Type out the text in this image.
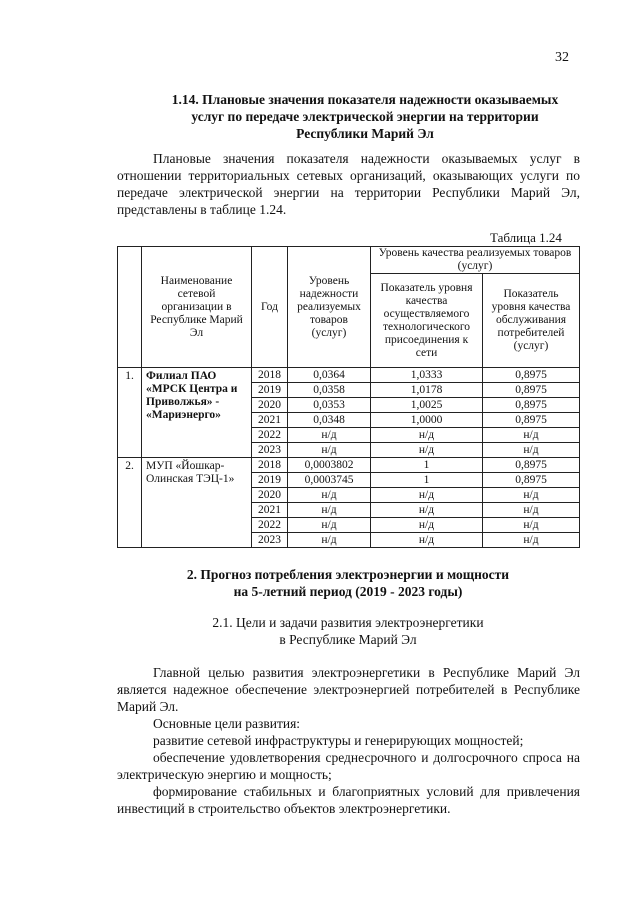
32
1.14. Плановые значения показателя надежности оказываемых
услуг по передаче электрической энергии на территории
Республики Марий Эл
Плановые значения показателя надежности оказываемых услуг в отношении территориальных сетевых организаций, оказывающих услуги по передаче электрической энергии на территории Республики Марий Эл, представлены в таблице 1.24.
Таблица 1.24
	Наименование сетевой организации в Республике Марий Эл	Год	Уровень надежности реализуемых товаров (услуг)	Уровень качества реализуемых товаров (услуг)	
				Показатель уровня качества осуществляемого технологического присоединения к сети	Показатель уровня качества обслуживания потребителей (услуг)
1.	Филиал ПАО «МРСК Центра и Приволжья» - «Мариэнерго»	2018	0,0364	1,0333	0,8975
		2019	0,0358	1,0178	0,8975
		2020	0,0353	1,0025	0,8975
		2021	0,0348	1,0000	0,8975
		2022	н/д	н/д	н/д
		2023	н/д	н/д	н/д
2.	МУП «Йошкар-Олинская ТЭЦ-1»	2018	0,0003802	1	0,8975
		2019	0,0003745	1	0,8975
		2020	н/д	н/д	н/д
		2021	н/д	н/д	н/д
		2022	н/д	н/д	н/д
		2023	н/д	н/д	н/д
2. Прогноз потребления электроэнергии и мощности
на 5-летний период (2019 - 2023 годы)
2.1. Цели и задачи развития электроэнергетики
в Республике Марий Эл
Главной целью развития электроэнергетики в Республике Марий Эл является надежное обеспечение электроэнергией потребителей в Республике Марий Эл.
Основные цели развития:
развитие сетевой инфраструктуры и генерирующих мощностей;
обеспечение удовлетворения среднесрочного и долгосрочного спроса на электрическую энергию и мощность;
формирование стабильных и благоприятных условий для привлечения инвестиций в строительство объектов электроэнергетики.
